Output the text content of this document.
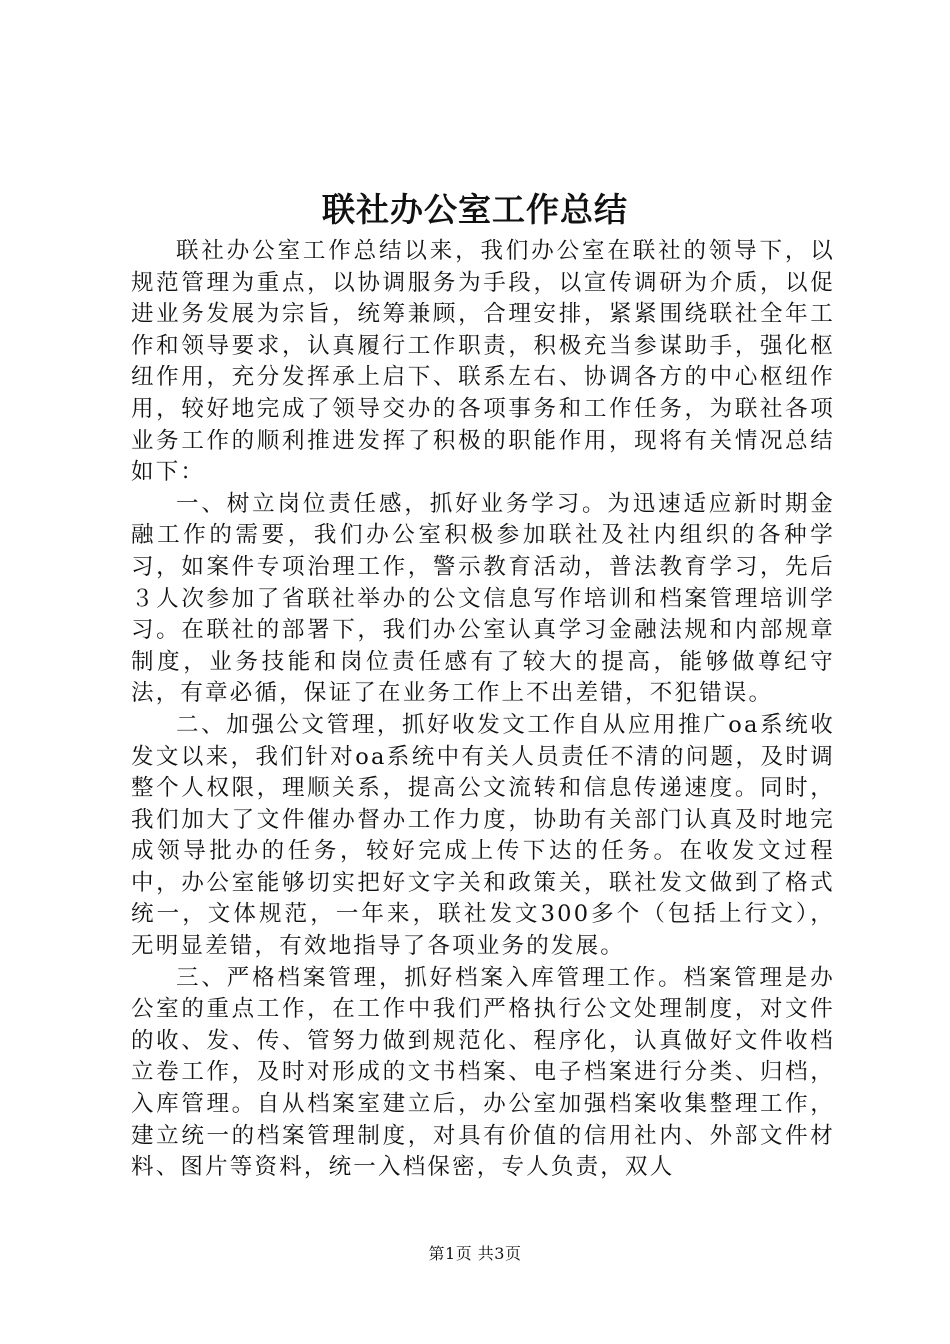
联社办公室工作总结

联社办公室工作总结以来，我们办公室在联社的领导下，以规范管理为重点，以协调服务为手段，以宣传调研为介质，以促进业务发展为宗旨，统筹兼顾，合理安排，紧紧围绕联社全年工作和领导要求，认真履行工作职责，积极充当参谋助手，强化枢纽作用，充分发挥承上启下、联系左右、协调各方的中心枢纽作用，较好地完成了领导交办的各项事务和工作任务，为联社各项业务工作的顺利推进发挥了积极的职能作用，现将有关情况总结如下：

一、树立岗位责任感，抓好业务学习。为迅速适应新时期金融工作的需要，我们办公室积极参加联社及社内组织的各种学习，如案件专项治理工作，警示教育活动，普法教育学习，先后３人次参加了省联社举办的公文信息写作培训和档案管理培训学习。在联社的部署下，我们办公室认真学习金融法规和内部规章制度，业务技能和岗位责任感有了较大的提高，能够做尊纪守法，有章必循，保证了在业务工作上不出差错，不犯错误。

二、加强公文管理，抓好收发文工作自从应用推广oa系统收发文以来，我们针对oa系统中有关人员责任不清的问题，及时调整个人权限，理顺关系，提高公文流转和信息传递速度。同时，我们加大了文件催办督办工作力度，协助有关部门认真及时地完成领导批办的任务，较好完成上传下达的任务。在收发文过程中，办公室能够切实把好文字关和政策关，联社发文做到了格式统一，文体规范，一年来，联社发文300多个（包括上行文），无明显差错，有效地指导了各项业务的发展。

三、严格档案管理，抓好档案入库管理工作。档案管理是办公室的重点工作，在工作中我们严格执行公文处理制度，对文件的收、发、传、管努力做到规范化、程序化，认真做好文件收档立卷工作，及时对形成的文书档案、电子档案进行分类、归档，入库管理。自从档案室建立后，办公室加强档案收集整理工作，建立统一的档案管理制度，对具有价值的信用社内、外部文件材料、图片等资料，统一入档保密，专人负责，双人

第1页 共3页
